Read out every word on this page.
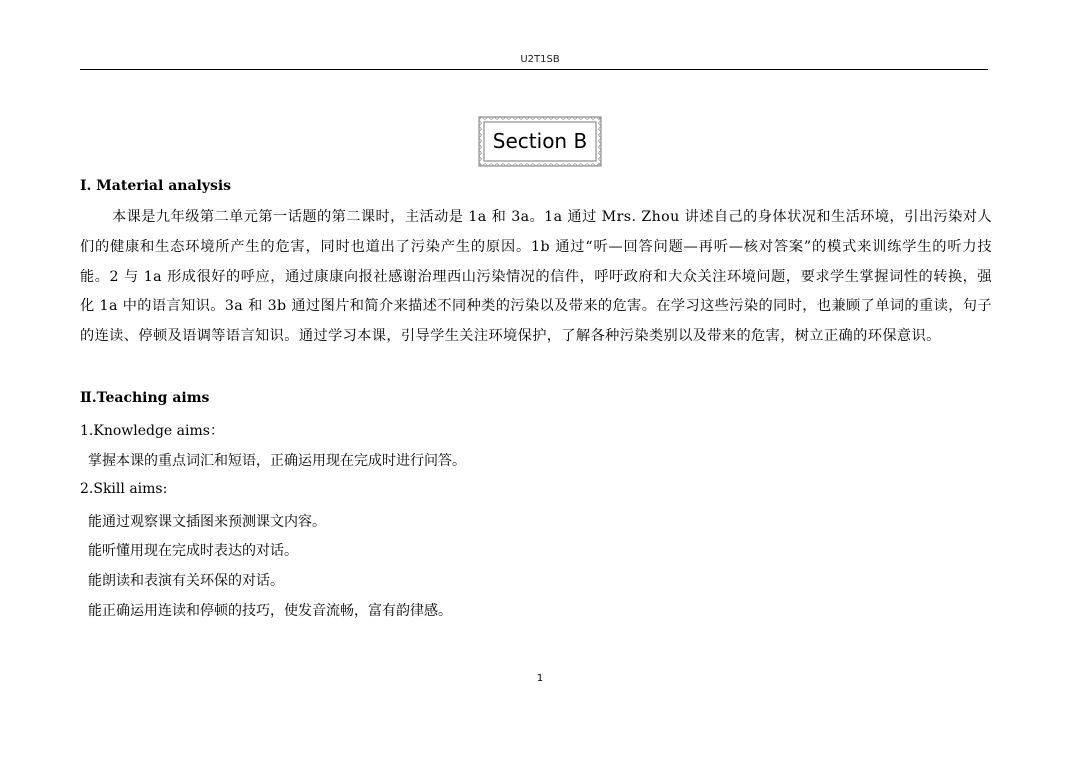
U2T1SB
Section B
Ⅰ. Material analysis
本课是九年级第二单元第一话题的第二课时，主活动是 1a 和 3a。1a 通过 Mrs. Zhou 讲述自己的身体状况和生活环境，引出污染对人们的健康和生态环境所产生的危害，同时也道出了污染产生的原因。1b 通过“听—回答问题—再听—核对答案”的模式来训练学生的听力技能。2 与 1a 形成很好的呼应，通过康康向报社感谢治理西山污染情况的信件，呼吁政府和大众关注环境问题，要求学生掌握词性的转换，强化 1a 中的语言知识。3a 和 3b 通过图片和简介来描述不同种类的污染以及带来的危害。在学习这些污染的同时，也兼顾了单词的重读，句子的连读、停顿及语调等语言知识。通过学习本课，引导学生关注环境保护，了解各种污染类别以及带来的危害，树立正确的环保意识。
Ⅱ.Teaching aims
1.Knowledge aims：
掌握本课的重点词汇和短语，正确运用现在完成时进行问答。
2.Skill aims:
能通过观察课文插图来预测课文内容。
能听懂用现在完成时表达的对话。
能朗读和表演有关环保的对话。
能正确运用连读和停顿的技巧，使发音流畅，富有韵律感。
1
